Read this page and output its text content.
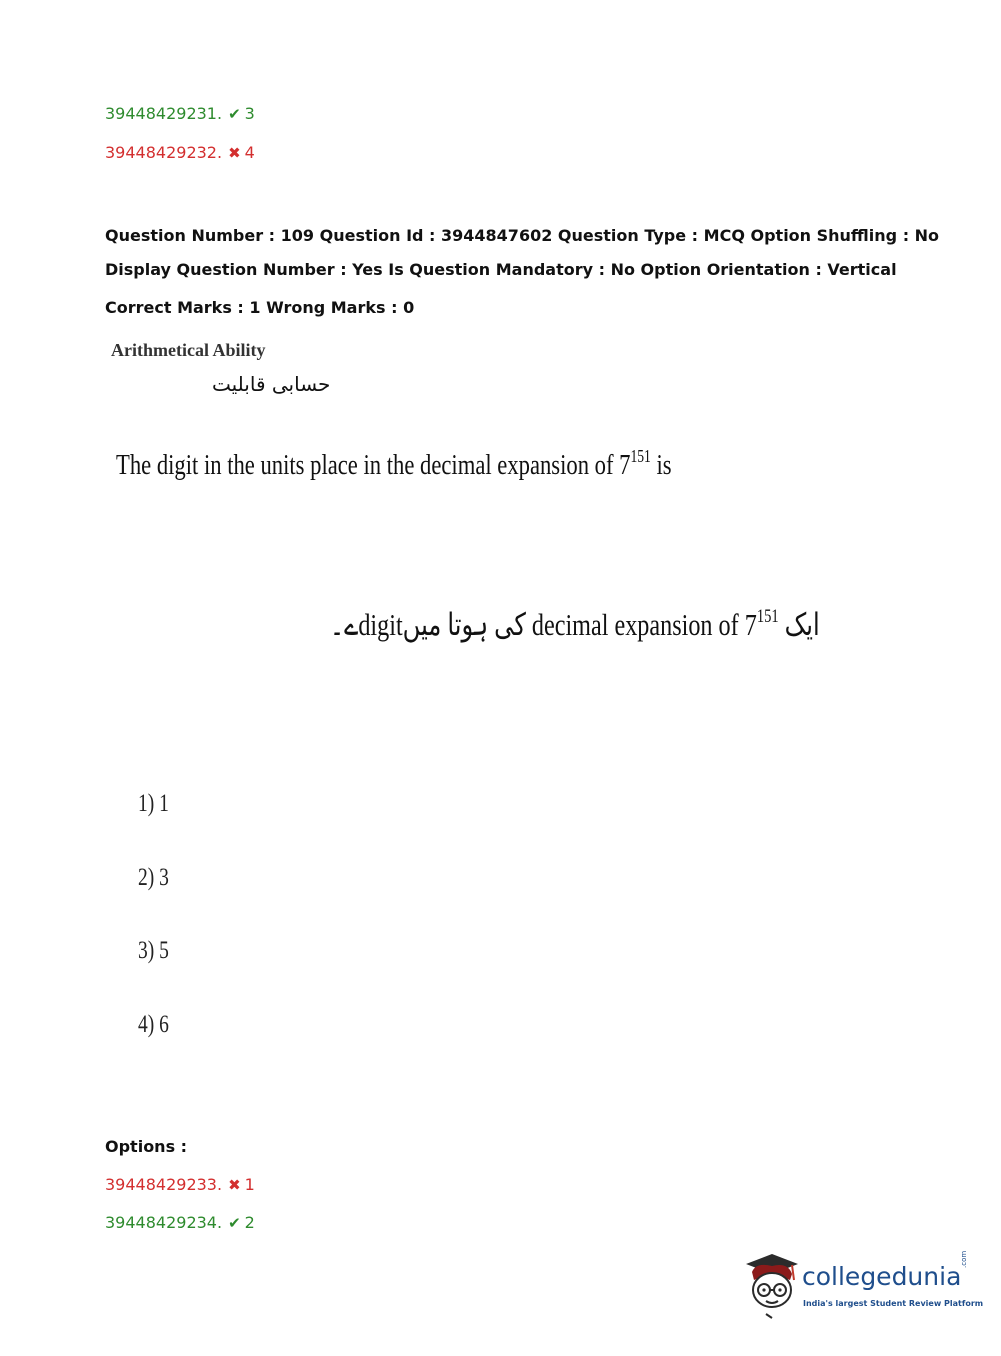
39448429231. ✔ 3
39448429232. ✖ 4
Question Number : 109 Question Id : 3944847602 Question Type : MCQ Option Shuffling : No
Display Question Number : Yes Is Question Mandatory : No Option Orientation : Vertical
Correct Marks : 1 Wrong Marks : 0
Arithmetical Ability
حسابی قابلیت
The digit in the units place in the decimal expansion of $7^{151}$ is
ے۔digitکی ہوتا میں decimal expansion of $7^{151}$ ایک
1) 1
2) 3
3) 5
4) 6
Options :
39448429233. ✖ 1
39448429234. ✔ 2
collegedunia
.com
India's largest Student Review Platform
